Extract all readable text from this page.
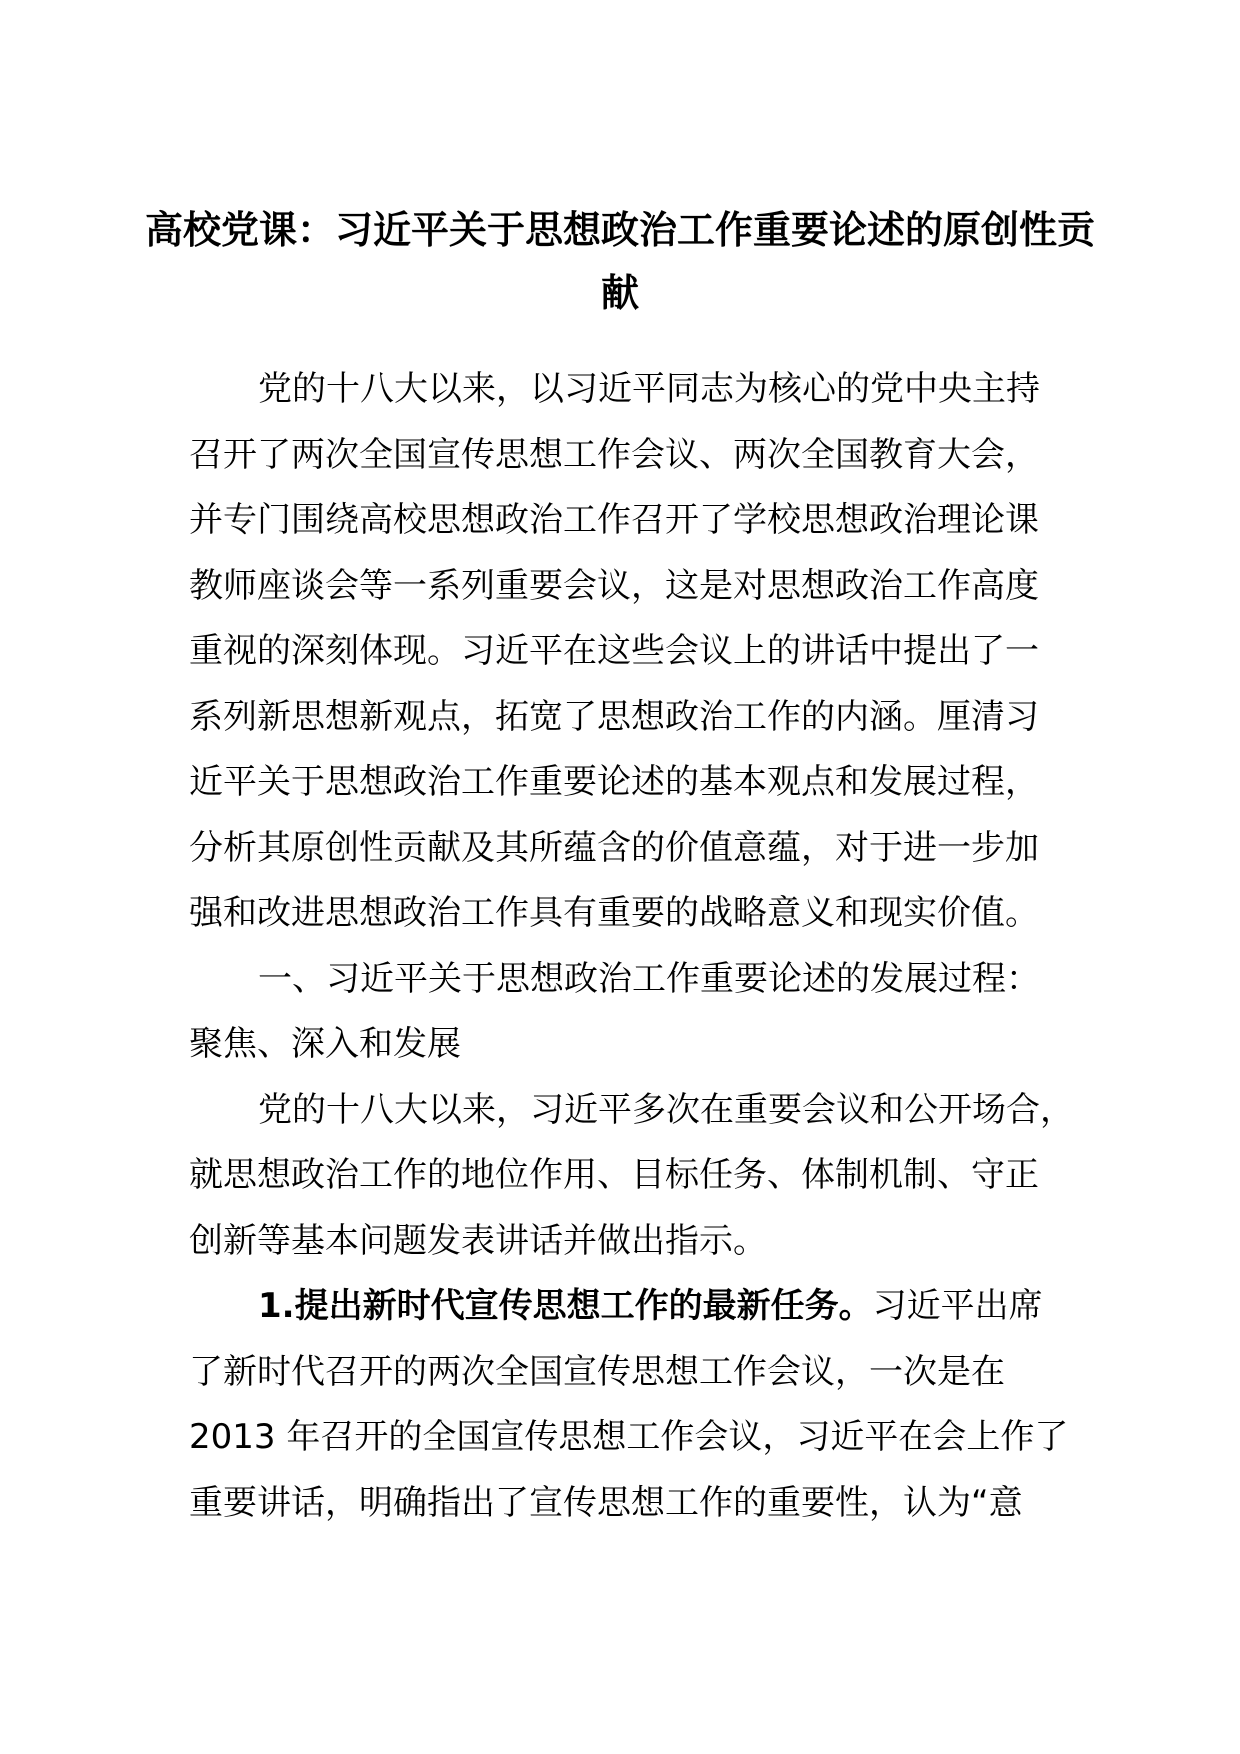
高校党课：习近平关于思想政治工作重要论述的原创性贡
献
党的十八大以来，以习近平同志为核心的党中央主持
召开了两次全国宣传思想工作会议、两次全国教育大会，
并专门围绕高校思想政治工作召开了学校思想政治理论课
教师座谈会等一系列重要会议，这是对思想政治工作高度
重视的深刻体现。习近平在这些会议上的讲话中提出了一
系列新思想新观点，拓宽了思想政治工作的内涵。厘清习
近平关于思想政治工作重要论述的基本观点和发展过程，
分析其原创性贡献及其所蕴含的价值意蕴，对于进一步加
强和改进思想政治工作具有重要的战略意义和现实价值。
一、习近平关于思想政治工作重要论述的发展过程：
聚焦、深入和发展
党的十八大以来，习近平多次在重要会议和公开场合，
就思想政治工作的地位作用、目标任务、体制机制、守正
创新等基本问题发表讲话并做出指示。
1.提出新时代宣传思想工作的最新任务。习近平出席
了新时代召开的两次全国宣传思想工作会议，一次是在
2013 年召开的全国宣传思想工作会议，习近平在会上作了
重要讲话，明确指出了宣传思想工作的重要性，认为“意
